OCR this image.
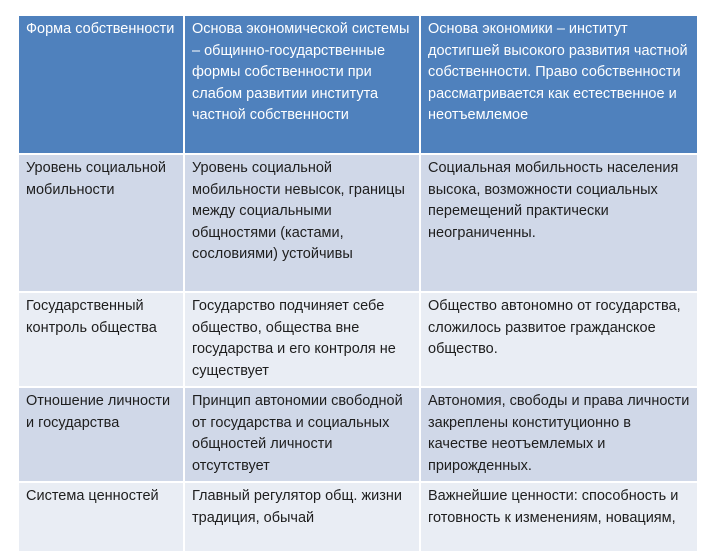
Форма собственности	Основа экономической системы – общинно-государственные формы собственности при слабом развитии института частной собственности	Основа экономики – институт достигшей высокого развития частной собственности. Право собственности рассматривается как естественное и неотъемлемое
Уровень социальной мобильности	Уровень социальной мобильности невысок, границы между социальными общностями (кастами, сословиями) устойчивы	Социальная мобильность населения высока, возможности социальных перемещений практически неограниченны.
Государственный контроль общества	Государство подчиняет себе общество, общества вне государства и его контроля не существует	Общество автономно от государства, сложилось развитое гражданское общество.
Отношение личности и государства	Принцип автономии свободной от государства и социальных общностей личности отсутствует	Автономия, свободы и права личности закреплены конституционно в качестве неотъемлемых и прирожденных.
Система ценностей	Главный регулятор общ. жизни традиция, обычай	Важнейшие ценности: способность и готовность к изменениям, новациям,
